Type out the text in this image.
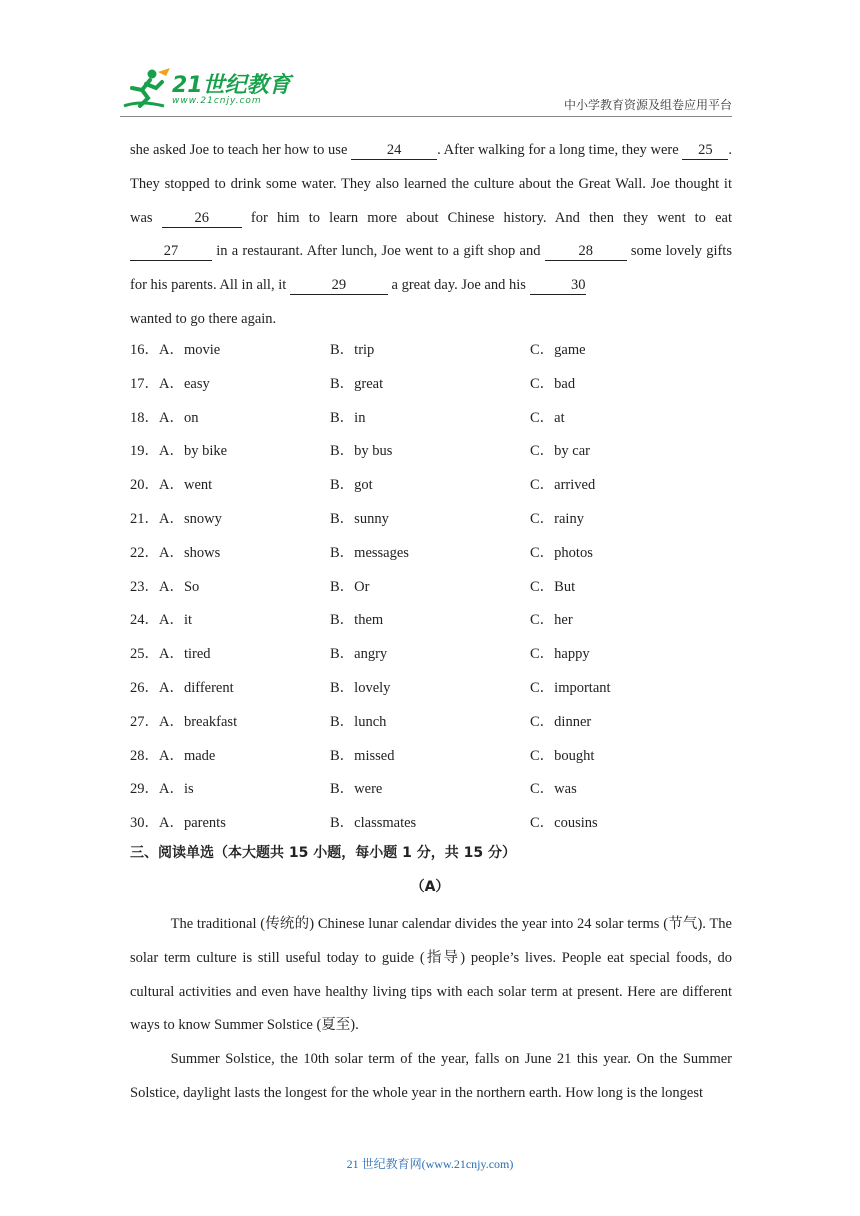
21世纪教育
www.21cnjy.com	中小学教育资源及组卷应用平台

she asked Joe to teach her how to use 24 . After walking for a long time, they were 25 . They stopped to drink some water. They also learned the culture about the Great Wall. Joe thought it was 26 for him to learn more about Chinese history. And then they went to eat 27 in a restaurant. After lunch, Joe went to a gift shop and 28 some lovely gifts for his parents. All in all, it	29	a great day. Joe and his	30

wanted to go there again.

16．A．movie	B．trip	C．game
17．A．easy	B．great	C．bad
18．A．on	B．in	C．at
19．A．by bike	B．by bus	C．by car
20．A．went	B．got	C．arrived
21．A．snowy	B．sunny	C．rainy
22．A．shows	B．messages	C．photos
23．A．So	B．Or	C．But
24．A．it	B．them	C．her
25．A．tired	B．angry	C．happy
26．A．different	B．lovely	C．important
27．A．breakfast	B．lunch	C．dinner
28．A．made	B．missed	C．bought
29．A．is	B．were	C．was
30．A．parents	B．classmates	C．cousins
三、阅读单选（本大题共 15 小题，每小题 1 分，共 15 分）
（A）

The traditional (传统的) Chinese lunar calendar divides the year into 24 solar terms (节气). The solar term culture is still useful today to guide (指导) people’s lives. People eat special foods, do cultural activities and even have healthy living tips with each solar term at present. Here are different ways to know Summer Solstice (夏至).

Summer Solstice, the 10th solar term of the year, falls on June 21 this year. On the Summer Solstice, daylight lasts the longest for the whole year in the northern earth. How long is the longest

21 世纪教育网(www.21cnjy.com)
